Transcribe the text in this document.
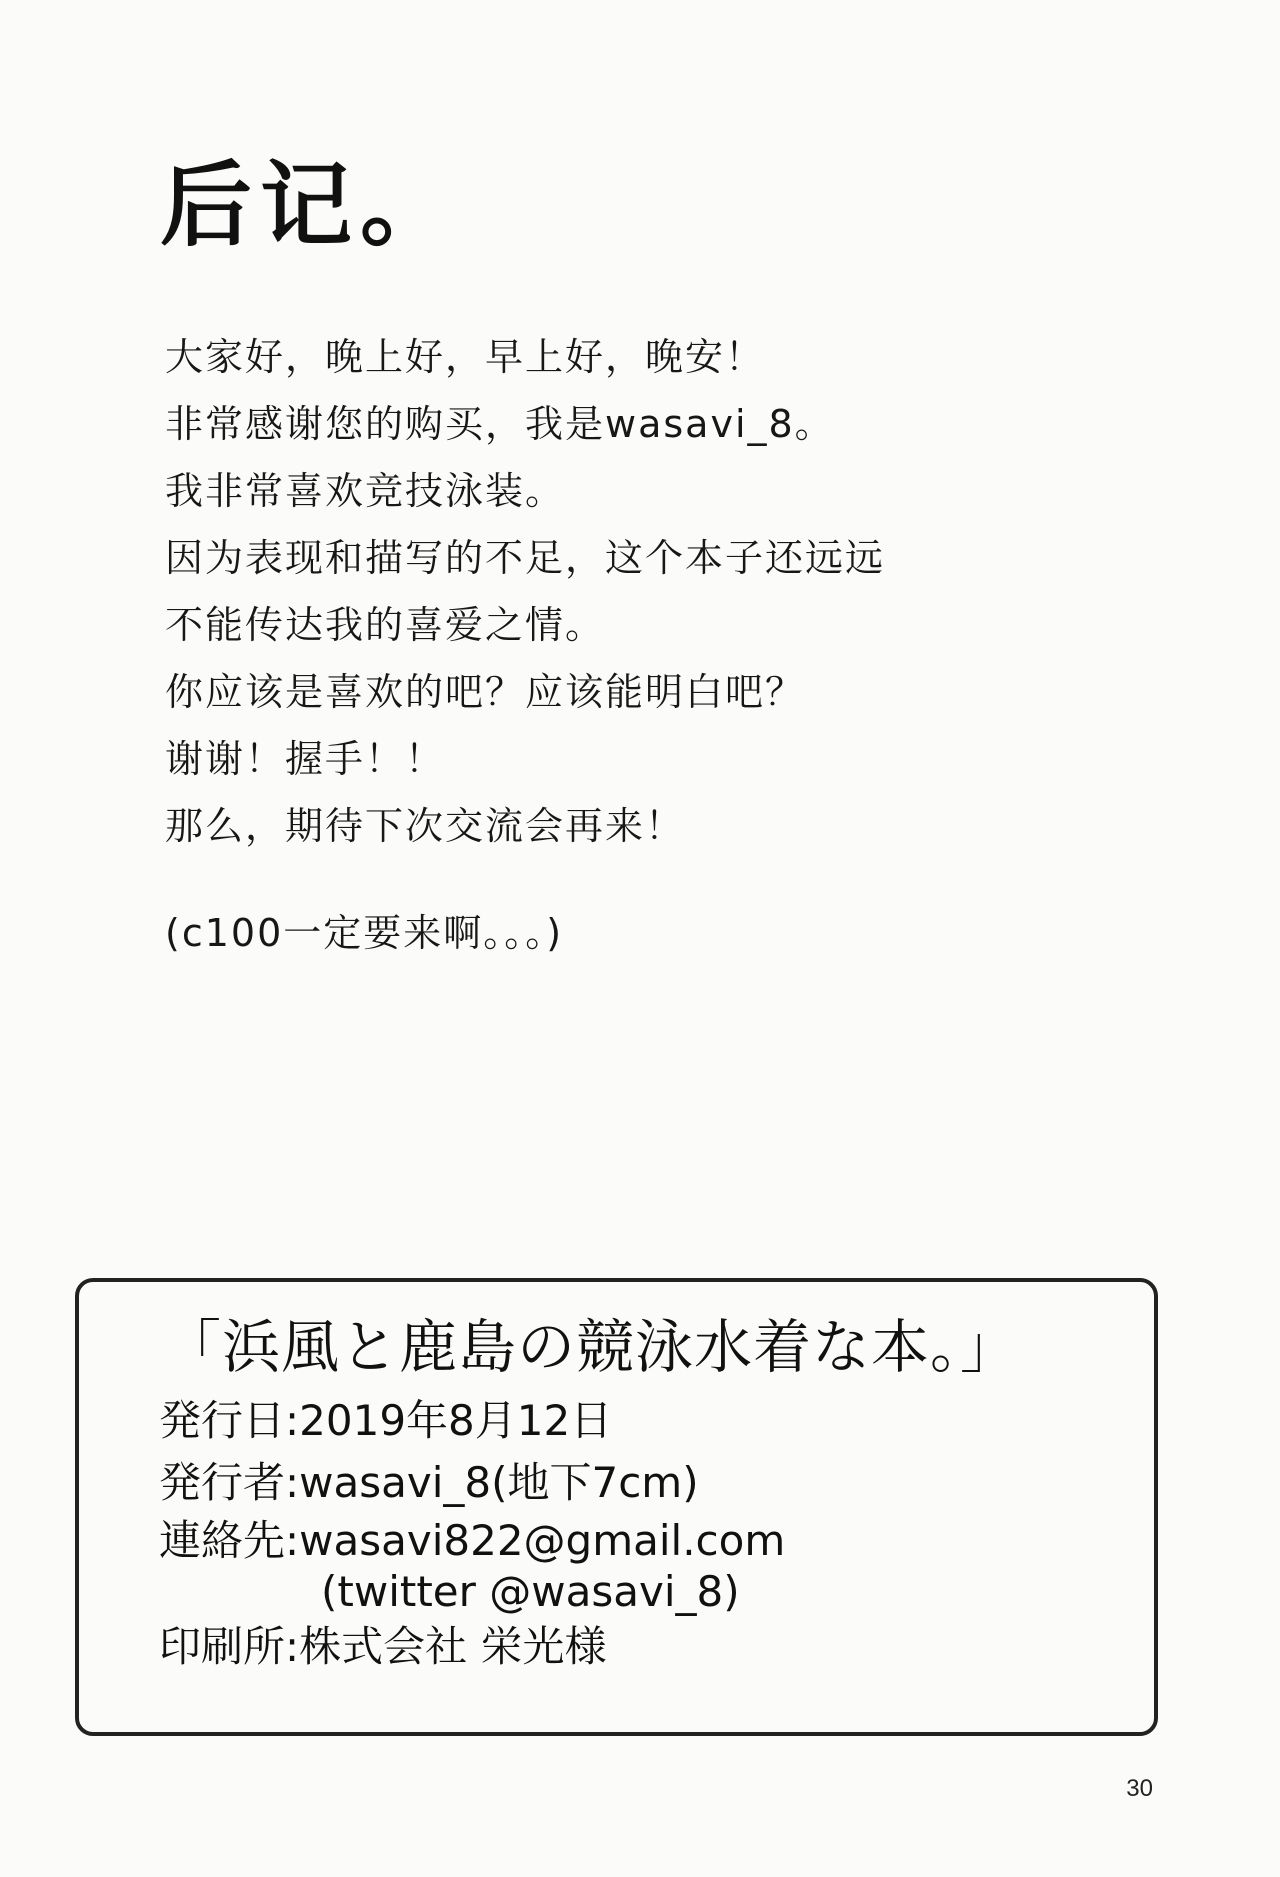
后记。
大家好，晚上好，早上好，晚安！
非常感谢您的购买，我是wasavi_8。
我非常喜欢竞技泳装。
因为表现和描写的不足，这个本子还远远
不能传达我的喜爱之情。
你应该是喜欢的吧？应该能明白吧？
谢谢！握手！！
那么，期待下次交流会再来！
(c100一定要来啊。。。)
「浜風と鹿島の競泳水着な本。」
発行日:2019年8月12日
発行者:wasavi_8(地下7cm)
連絡先:wasavi822@gmail.com
(twitter @wasavi_8)
印刷所:株式会社 栄光様
30
